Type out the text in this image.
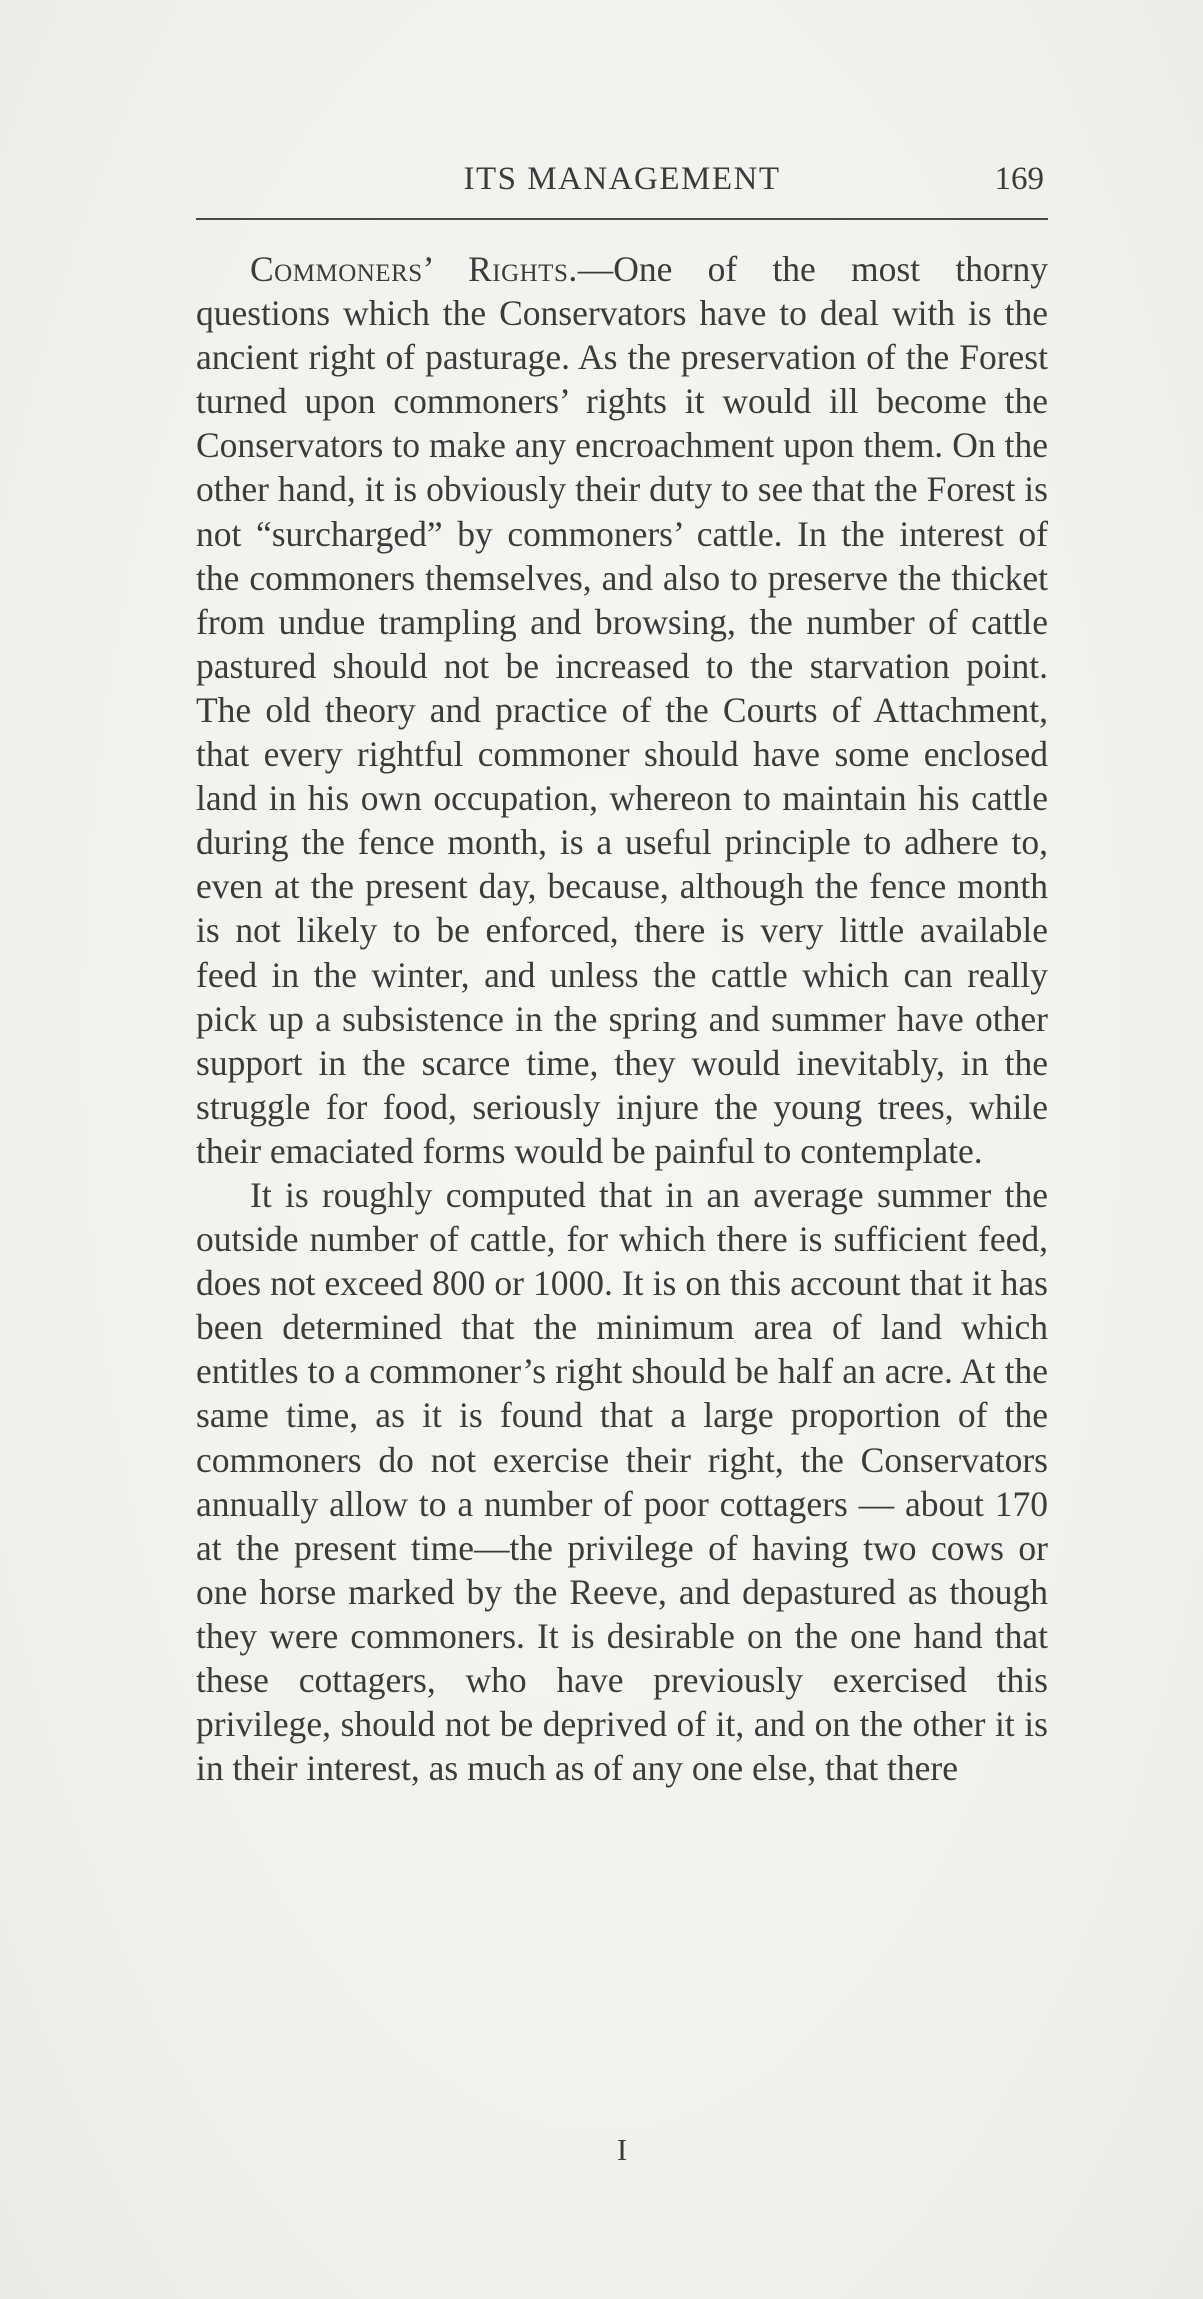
ITS MANAGEMENT	169

Commoners’ Rights.—One of the most thorny questions which the Conservators have to deal with is the ancient right of pasturage. As the preservation of the Forest turned upon commoners’ rights it would ill become the Conservators to make any encroachment upon them. On the other hand, it is obviously their duty to see that the Forest is not “surcharged” by commoners’ cattle. In the interest of the commoners themselves, and also to preserve the thicket from undue trampling and browsing, the number of cattle pastured should not be increased to the starvation point. The old theory and practice of the Courts of Attachment, that every rightful commoner should have some enclosed land in his own occupation, whereon to maintain his cattle during the fence month, is a useful principle to adhere to, even at the present day, because, although the fence month is not likely to be enforced, there is very little available feed in the winter, and unless the cattle which can really pick up a subsistence in the spring and summer have other support in the scarce time, they would inevitably, in the struggle for food, seriously injure the young trees, while their emaciated forms would be painful to contemplate.

It is roughly computed that in an average summer the outside number of cattle, for which there is sufficient feed, does not exceed 800 or 1000. It is on this account that it has been determined that the minimum area of land which entitles to a commoner’s right should be half an acre. At the same time, as it is found that a large proportion of the commoners do not exercise their right, the Conservators annually allow to a number of poor cottagers — about 170 at the present time—the privilege of having two cows or one horse marked by the Reeve, and depastured as though they were commoners. It is desirable on the one hand that these cottagers, who have previously exercised this privilege, should not be deprived of it, and on the other it is in their interest, as much as of any one else, that there

I
